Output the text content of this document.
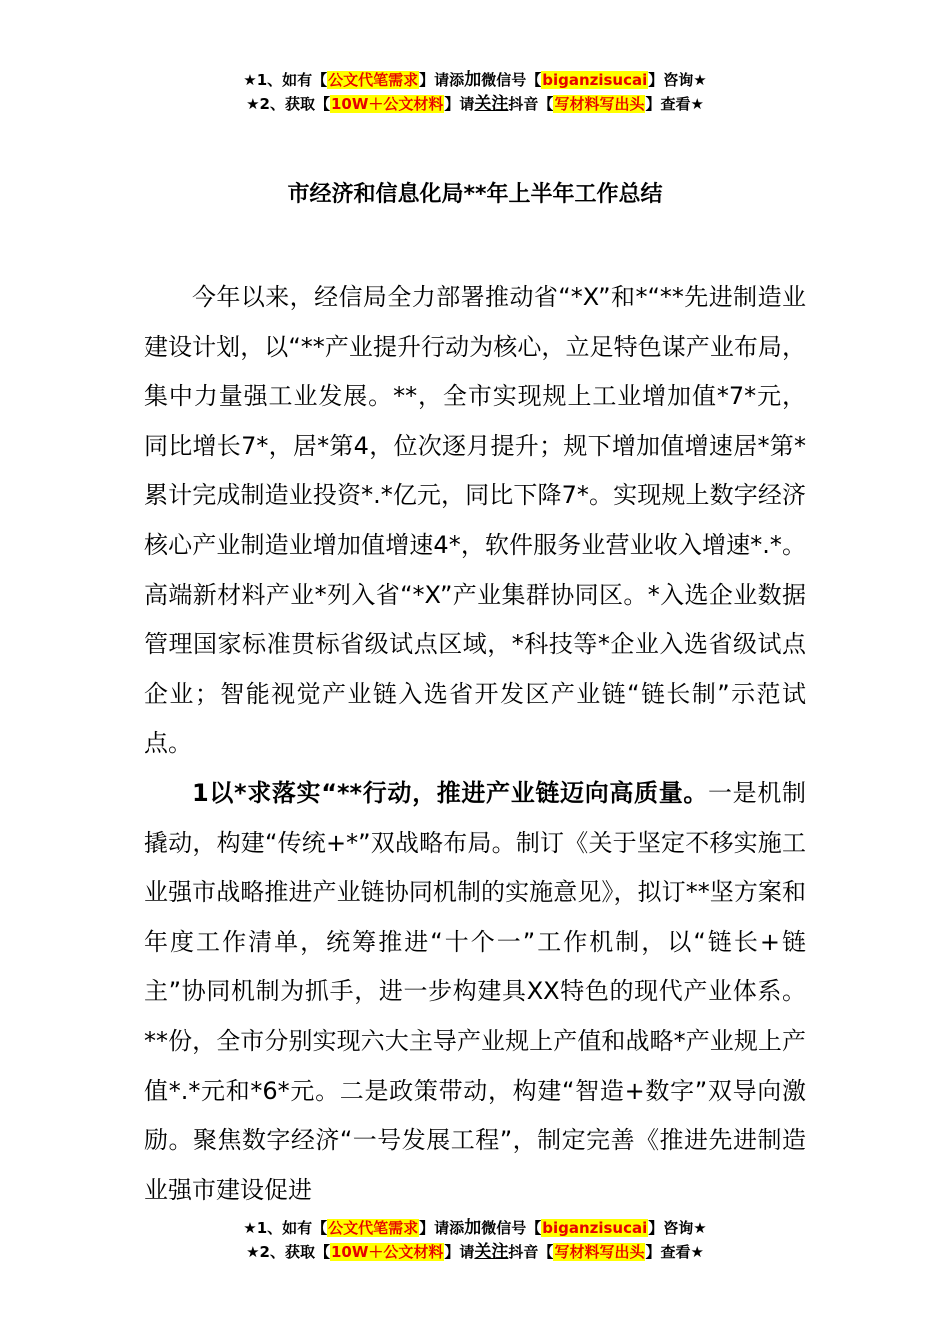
★1、如有【公文代笔需求】请添加微信号【biganzisucai】咨询★
★2、获取【10W＋公文材料】请关注抖音【写材料写出头】查看★
市经济和信息化局**年上半年工作总结

今年以来，经信局全力部署推动省“*X”和*“**先进制造业建设计划，以“**产业提升行动为核心，立足特色谋产业布局，集中力量强工业发展。**，全市实现规上工业增加值*7*元，同比增长7*，居*第4，位次逐月提升；规下增加值增速居*第*累计完成制造业投资*.*亿元，同比下降7*。实现规上数字经济核心产业制造业增加值增速4*，软件服务业营业收入增速*.*。高端新材料产业*列入省“*X”产业集群协同区。*入选企业数据管理国家标准贯标省级试点区域，*科技等*企业入选省级试点企业；智能视觉产业链入选省开发区产业链“链长制”示范试点。

1以*求落实“**行动，推进产业链迈向高质量。一是机制撬动，构建“传统+*”双战略布局。制订《关于坚定不移实施工业强市战略推进产业链协同机制的实施意见》，拟订**坚方案和年度工作清单，统筹推进“十个一”工作机制，以“链长+链主”协同机制为抓手，进一步构建具XX特色的现代产业体系。**份，全市分别实现六大主导产业规上产值和战略*产业规上产值*.*元和*6*元。二是政策带动，构建“智造+数字”双导向激励。聚焦数字经济“一号发展工程”，制定完善《推进先进制造业强市建设促进

★1、如有【公文代笔需求】请添加微信号【biganzisucai】咨询★
★2、获取【10W＋公文材料】请关注抖音【写材料写出头】查看★
